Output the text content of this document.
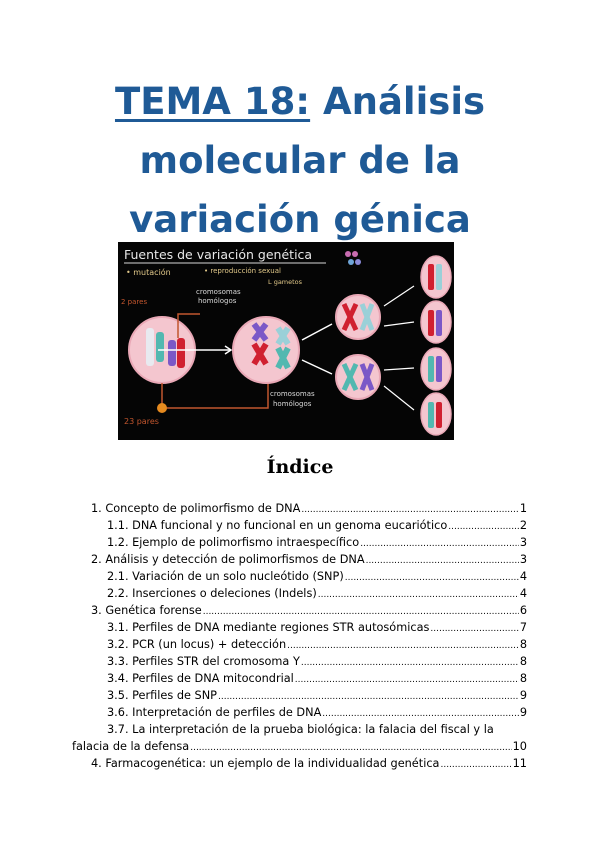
TEMA 18: Análisis
molecular de la
variación génica
Fuentes de variación genética
• mutación	• reproducción sexual
L gametos
2 pares
23 pares
cromosomas
homólogos
cromosomas
homólogos
Índice
1. Concepto de polimorfismo de DNA .....	1
1.1. DNA funcional y no funcional en un genoma eucariótico .....	2
1.2. Ejemplo de polimorfismo intraespecífico .....	3
2. Análisis y detección de polimorfismos de DNA .....	3
2.1. Variación de un solo nucleótido (SNP) .....	4
2.2. Inserciones o deleciones (Indels) .....	4
3. Genética forense .....	6
3.1. Perfiles de DNA mediante regiones STR autosómicas .....	7
3.2. PCR (un locus) + detección .....	8
3.3. Perfiles STR del cromosoma Y .....	8
3.4. Perfiles de DNA mitocondrial .....	8
3.5. Perfiles de SNP .....	9
3.6. Interpretación de perfiles de DNA .....	9
3.7. La interpretación de la prueba biológica: la falacia del fiscal y la
falacia de la defensa .....	10
4. Farmacogenética: un ejemplo de la individualidad genética .....	11
